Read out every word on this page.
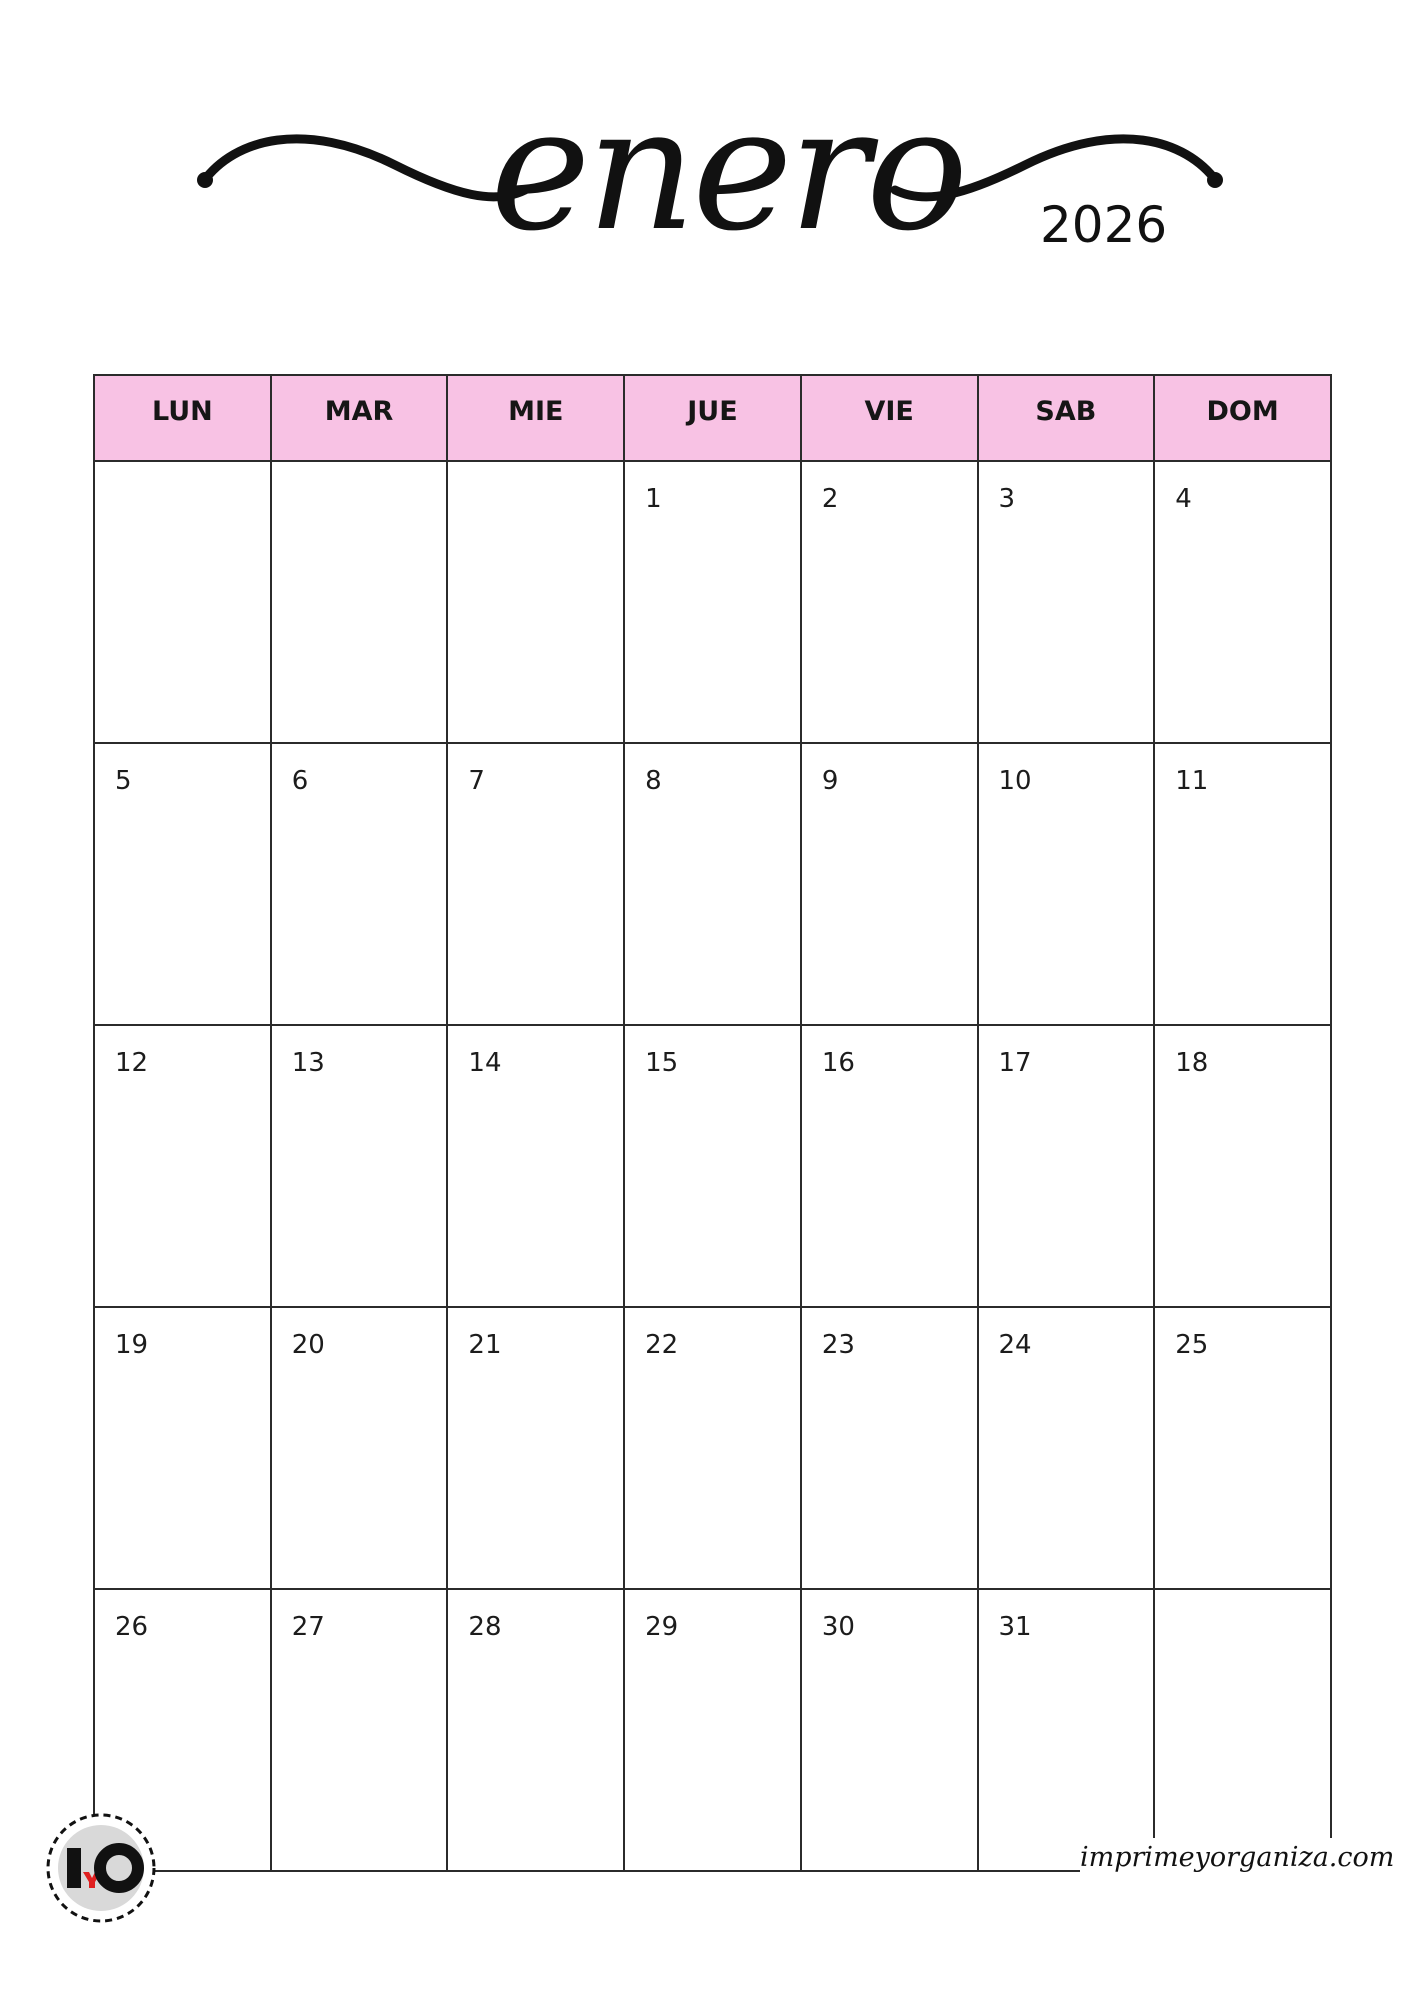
enero 2026
LUN	MAR	MIE	JUE	VIE	SAB	DOM

			1	2	3	4

5	6	7	8	9	10	11

12	13	14	15	16	17	18

19	20	21	22	23	24	25

26	27	28	29	30	31	

imprimeyorganiza.com
